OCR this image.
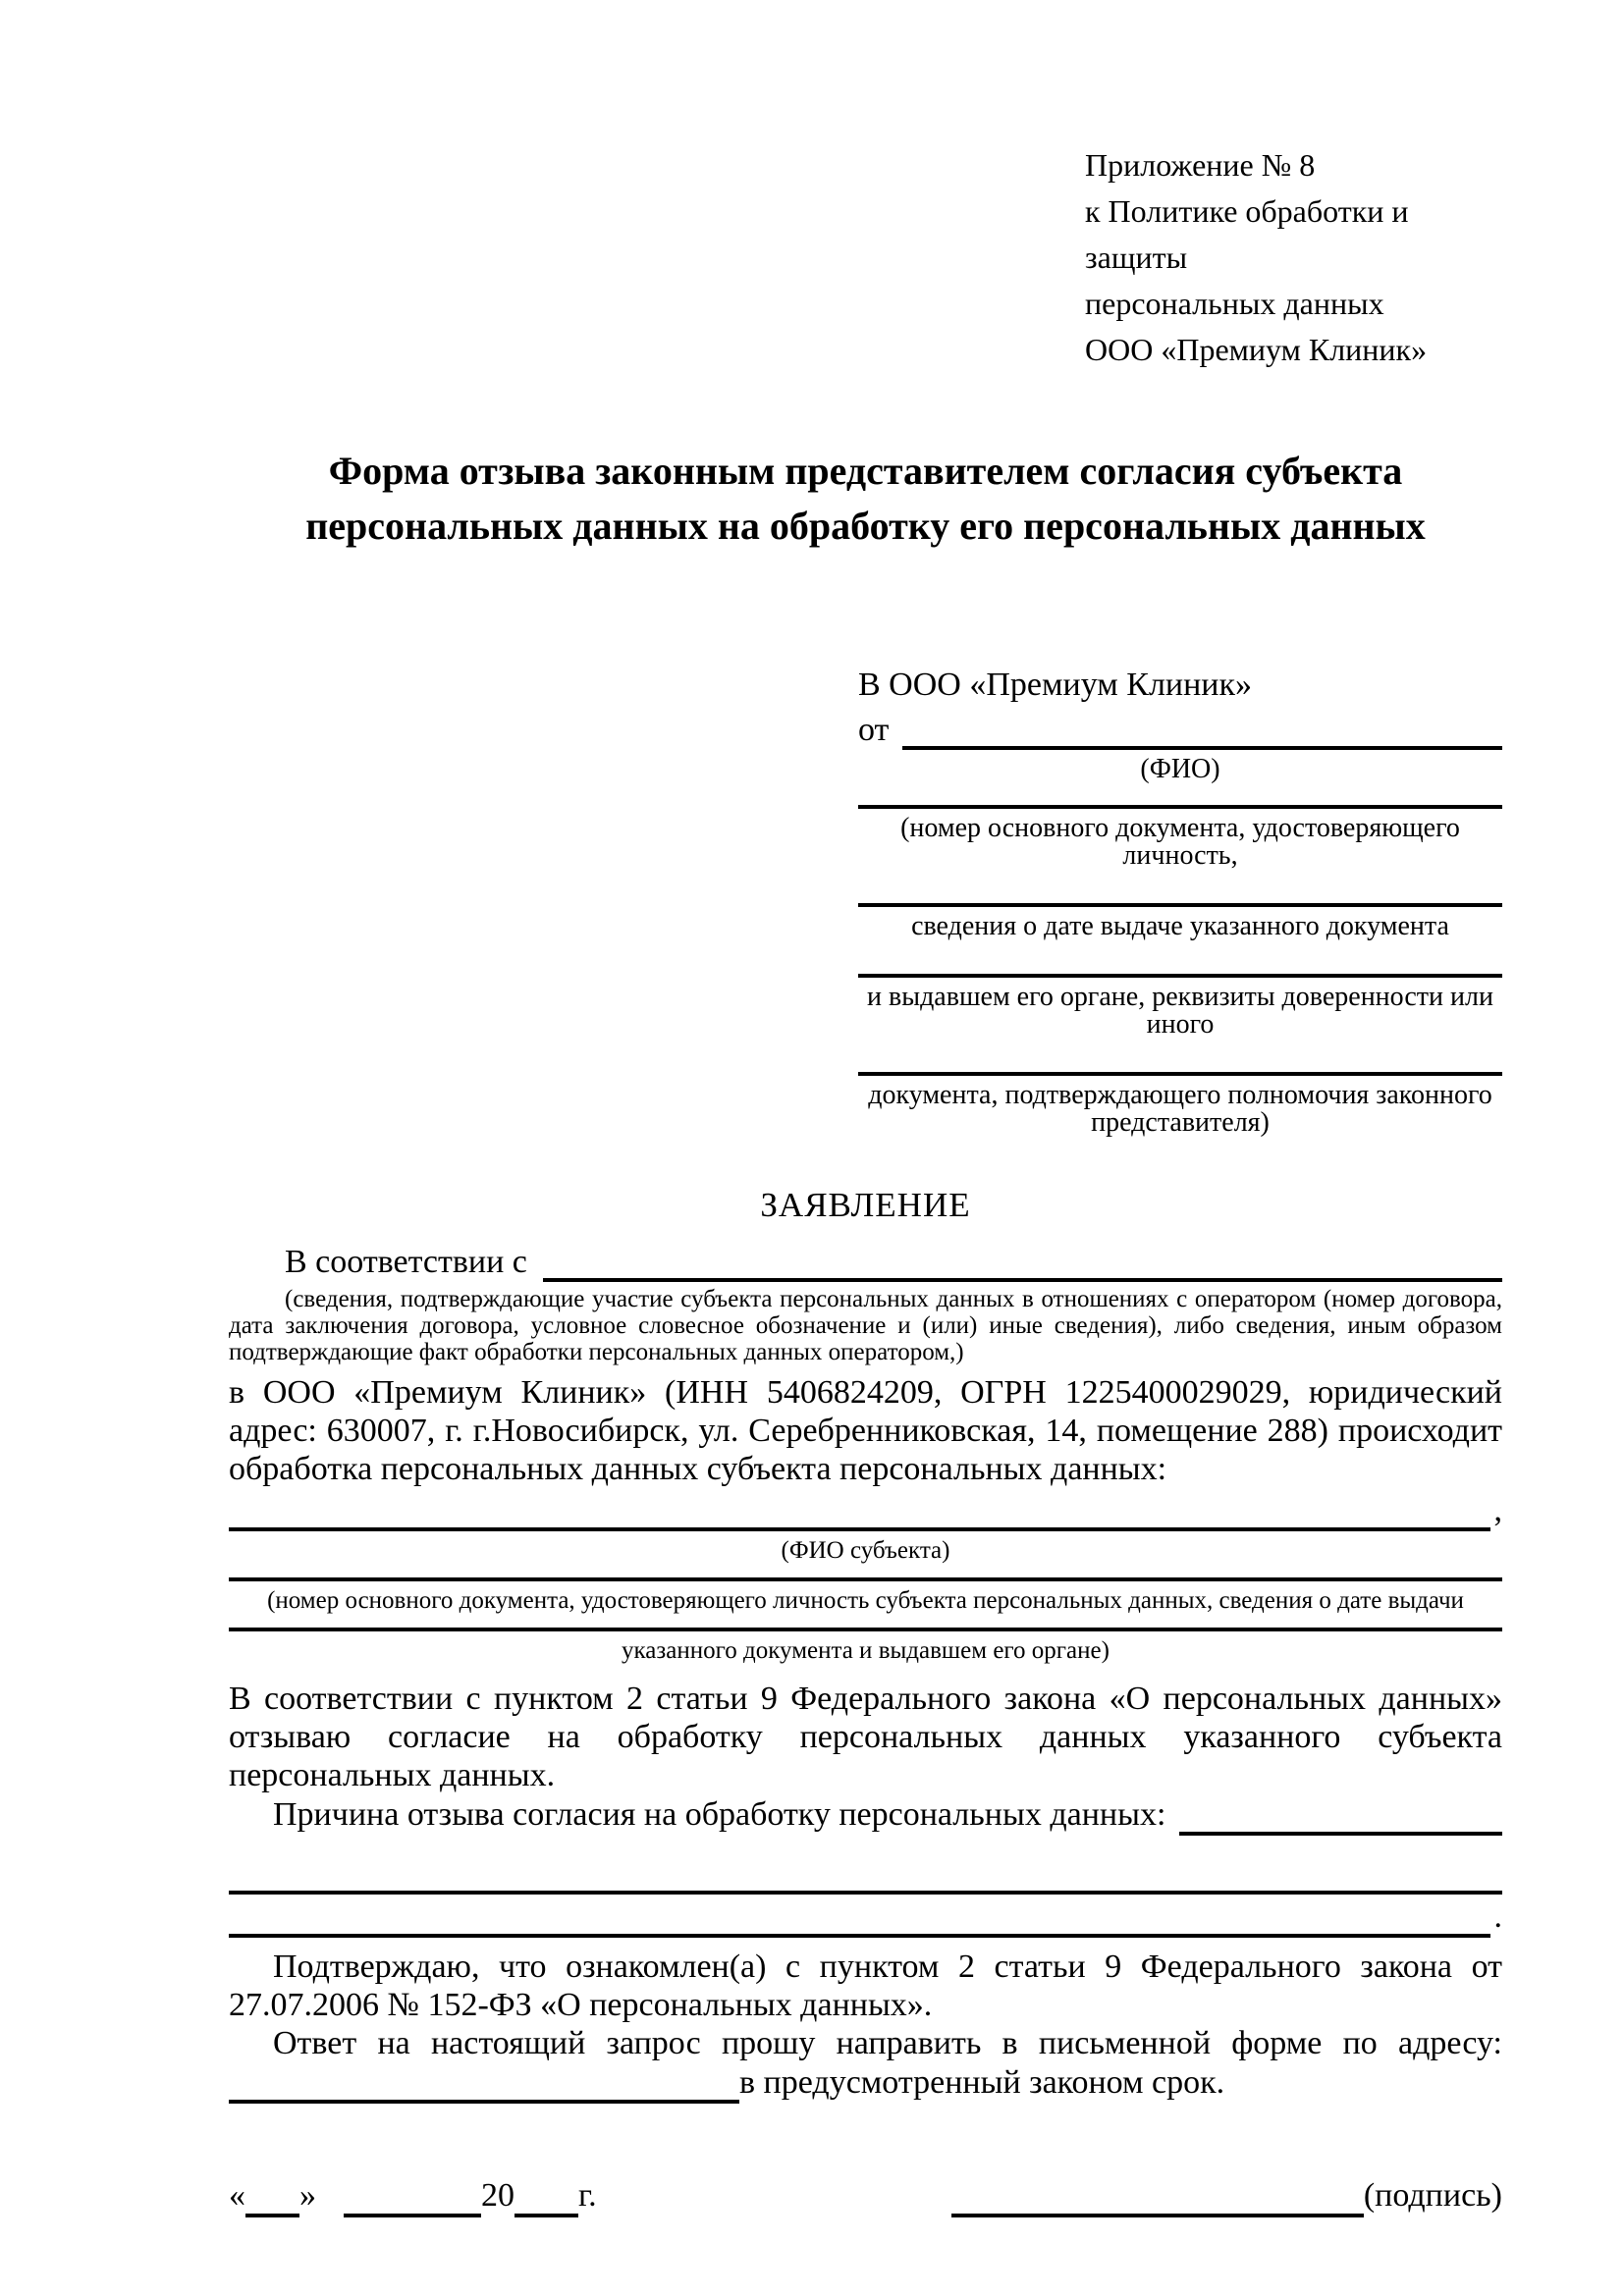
Приложение № 8
к Политике обработки и защиты
персональных данных
ООО «Премиум Клиник»
Форма отзыва законным представителем согласия субъекта
персональных данных на обработку его персональных данных
В ООО «Премиум Клиник»
от
(ФИО)
(номер основного документа, удостоверяющего личность,
сведения о дате выдаче указанного документа
и выдавшем его органе, реквизиты доверенности или иного
документа, подтверждающего полномочия законного представителя)
ЗАЯВЛЕНИЕ
В соответствии с
(сведения, подтверждающие участие субъекта персональных данных в отношениях с оператором (номер договора, дата заключения договора, условное словесное обозначение и (или) иные сведения), либо сведения, иным образом подтверждающие факт обработки персональных данных оператором,)
в ООО «Премиум Клиник» (ИНН 5406824209, ОГРН 1225400029029, юридический адрес: 630007, г. г.Новосибирск, ул. Серебренниковская, 14, помещение 288) происходит обработка персональных данных субъекта персональных данных:
,
(ФИО субъекта)
(номер основного документа, удостоверяющего личность субъекта персональных данных, сведения о дате выдачи
указанного документа и выдавшем его органе)
В соответствии с пунктом 2 статьи 9 Федерального закона «О персональных данных» отзываю согласие на обработку персональных данных указанного субъекта персональных данных.
Причина отзыва согласия на обработку персональных данных:
.
Подтверждаю, что ознакомлен(а) с пунктом 2 статьи 9 Федерального закона от 27.07.2006 № 152-ФЗ «О персональных данных».
Ответ на настоящий запрос прошу направить в письменной форме по адресу:
в предусмотренный законом срок.
« »	20 г.	(подпись)
